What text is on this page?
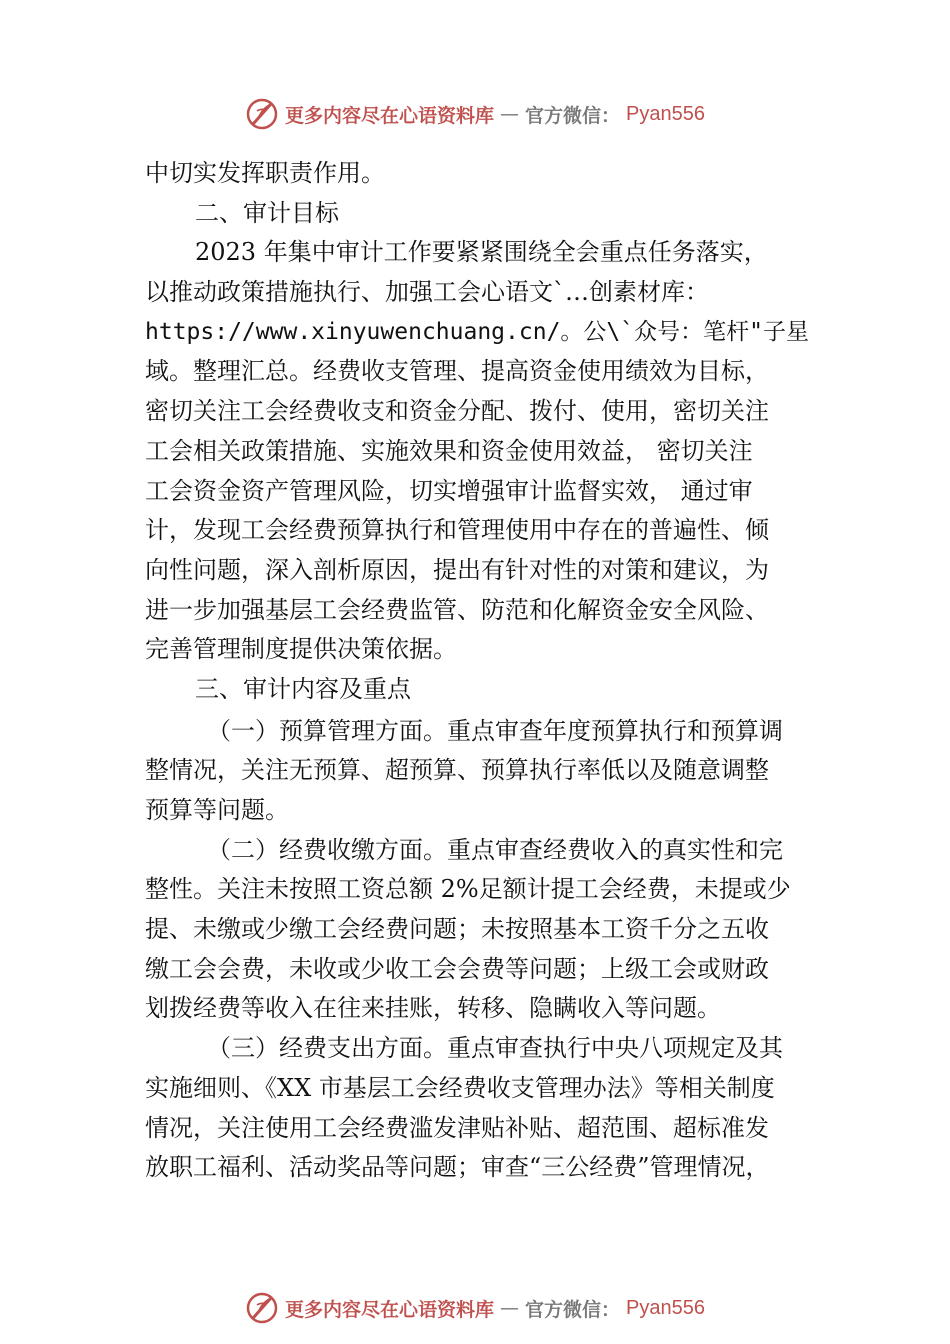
更多内容尽在心语资料库 — 官方微信： Pyan556
中切实发挥职责作用。
二、审计目标
2023 年集中审计工作要紧紧围绕全会重点任务落实，
以推动政策措施执行、加强工会心语文`…创素材库：
https://www.xinyuwenchuang.cn/。公\`众号：笔杆"子星
域。整理汇总。经费收支管理、提高资金使用绩效为目标，
密切关注工会经费收支和资金分配、拨付、使用，密切关注
工会相关政策措施、实施效果和资金使用效益， 密切关注
工会资金资产管理风险，切实增强审计监督实效， 通过审
计，发现工会经费预算执行和管理使用中存在的普遍性、倾
向性问题，深入剖析原因，提出有针对性的对策和建议，为
进一步加强基层工会经费监管、防范和化解资金安全风险、
完善管理制度提供决策依据。
三、审计内容及重点
（一）预算管理方面。重点审查年度预算执行和预算调
整情况，关注无预算、超预算、预算执行率低以及随意调整
预算等问题。
（二）经费收缴方面。重点审查经费收入的真实性和完
整性。关注未按照工资总额 2%足额计提工会经费，未提或少
提、未缴或少缴工会经费问题；未按照基本工资千分之五收
缴工会会费，未收或少收工会会费等问题；上级工会或财政
划拨经费等收入在往来挂账，转移、隐瞒收入等问题。
（三）经费支出方面。重点审查执行中央八项规定及其
实施细则、《XX 市基层工会经费收支管理办法》等相关制度
情况，关注使用工会经费滥发津贴补贴、超范围、超标准发
放职工福利、活动奖品等问题；审查“三公经费”管理情况，
更多内容尽在心语资料库 — 官方微信： Pyan556
